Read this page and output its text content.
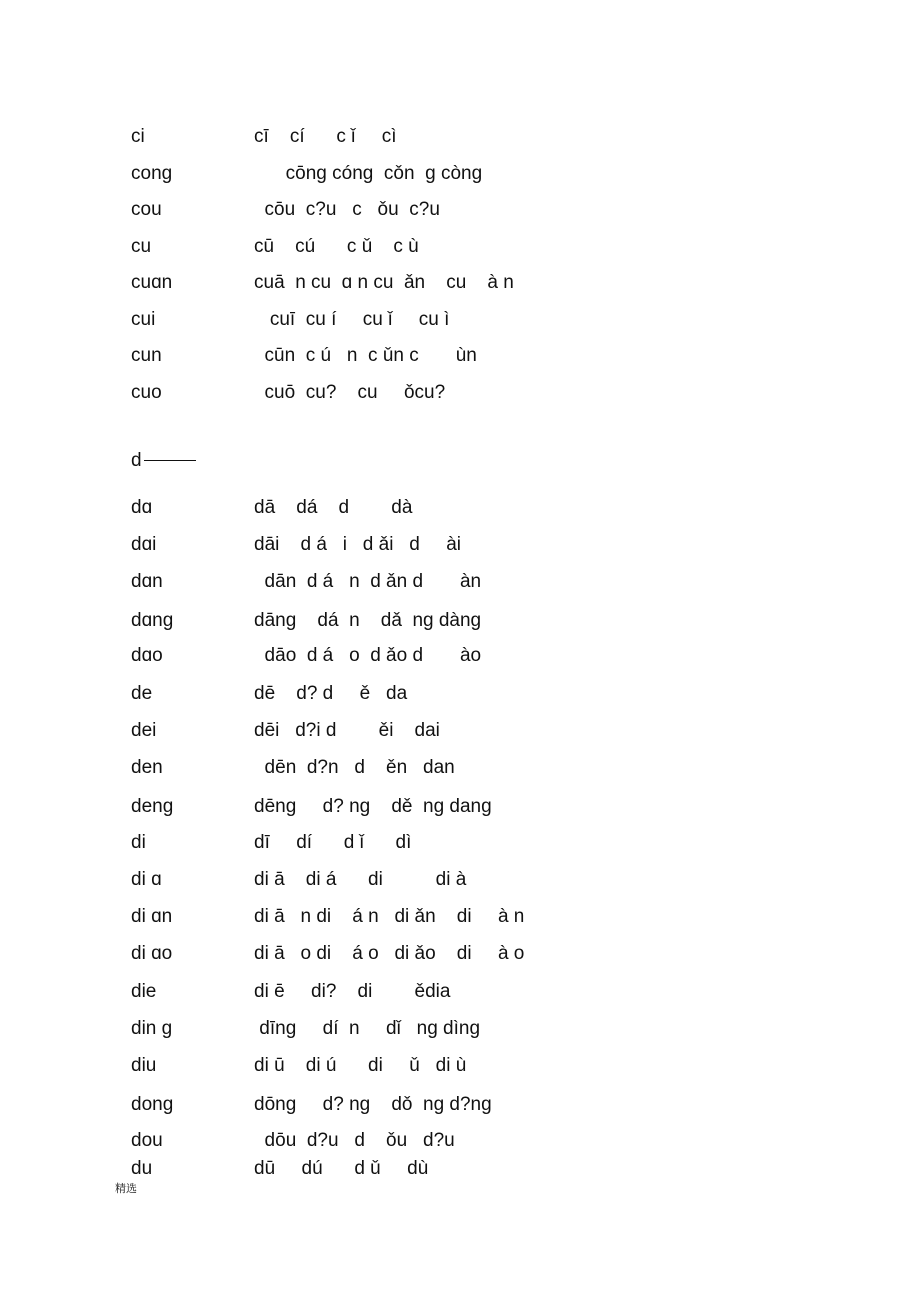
ci	cī    cí      c ǐ     cì
cong	cōng cóng  cǒn  g còng
cou	cōu  c?u   c   ǒu  c?u
cu	cū    cú      c ǔ    c ù
cuɑn	cuā  n cu  ɑ n cu  ǎn    cu    à n
cui	cuī  cu í     cu ǐ     cu ì
cun	cūn  c ú   n  c ǔn c       ùn
cuo	cuō  cu?    cu     ǒcu?
d
dɑ	dā    dá    d        dà
dɑi	dāi    d á   i   d ǎi   d     ài
dɑn	dān  d á   n  d ǎn d       àn
dɑng	dāng    dá  n    dǎ  ng dàng
dɑo	dāo  d á   o  d ǎo d       ào
de	dē    d? d     ě   da
dei	dēi   d?i d        ěi    dai
den	dēn  d?n   d    ěn   dan
deng	dēng     d? ng    dě  ng dang
di	dī     dí      d ǐ      dì
di ɑ	di ā    di á      di          di à
di ɑn	di ā   n di    á n   di ǎn    di     à n
di ɑo	di ā   o di    á o   di ǎo    di     à o
die	di ē     di?    di        ědia
din g	dīng     dí  n     dǐ   ng dìng
diu	di ū    di ú      di     ǔ   di ù
dong	dōng     d? ng    dǒ  ng d?ng
dou	dōu  d?u   d    ǒu   d?u
du	dū     dú      d ǔ     dù
精选
